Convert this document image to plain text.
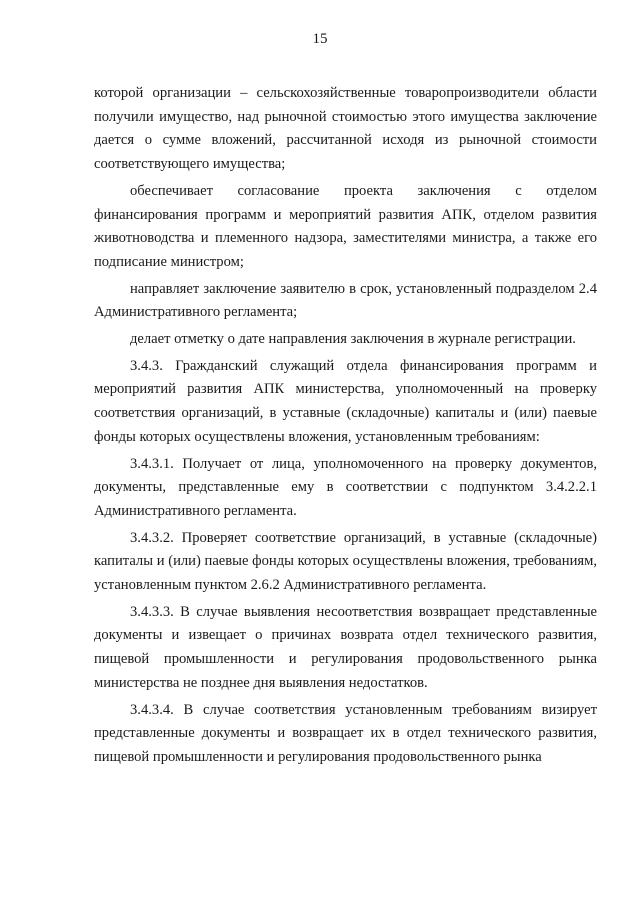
15

которой организации – сельскохозяйственные товаропроизводители области получили имущество, над рыночной стоимостью этого имущества заключение дается о сумме вложений, рассчитанной исходя из рыночной стоимости соответствующего имущества;

обеспечивает согласование проекта заключения с отделом финансирования программ и мероприятий развития АПК, отделом развития животноводства и племенного надзора, заместителями министра, а также его подписание министром;

направляет заключение заявителю в срок, установленный подразделом 2.4 Административного регламента;

делает отметку о дате направления заключения в журнале регистрации.

3.4.3. Гражданский служащий отдела финансирования программ и мероприятий развития АПК министерства, уполномоченный на проверку соответствия организаций, в уставные (складочные) капиталы и (или) паевые фонды которых осуществлены вложения, установленным требованиям:

3.4.3.1. Получает от лица, уполномоченного на проверку документов, документы, представленные ему в соответствии с подпунктом 3.4.2.2.1 Административного регламента.

3.4.3.2. Проверяет соответствие организаций, в уставные (складочные) капиталы и (или) паевые фонды которых осуществлены вложения, требованиям, установленным пунктом 2.6.2 Административного регламента.

3.4.3.3. В случае выявления несоответствия возвращает представленные документы и извещает о причинах возврата отдел технического развития, пищевой промышленности и регулирования продовольственного рынка министерства не позднее дня выявления недостатков.

3.4.3.4. В случае соответствия установленным требованиям визирует представленные документы и возвращает их в отдел технического развития, пищевой промышленности и регулирования продовольственного рынка
